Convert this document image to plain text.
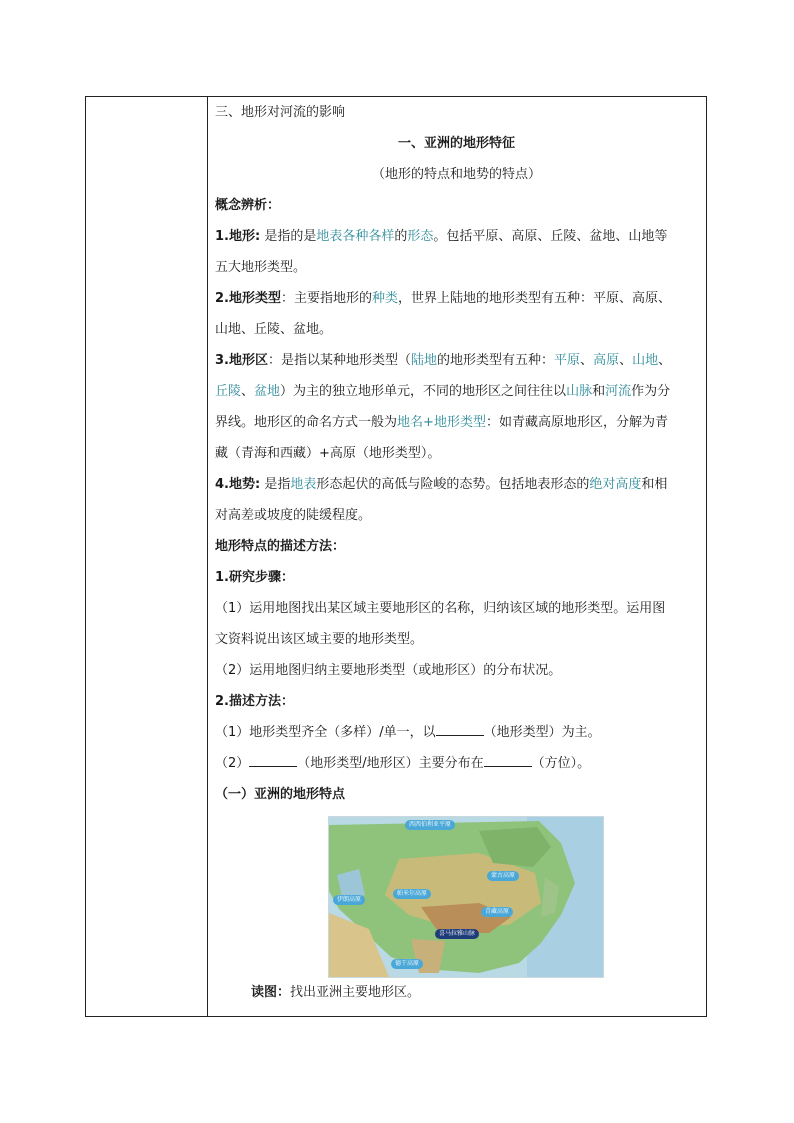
三、地形对河流的影响
一、亚洲的地形特征
（地形的特点和地势的特点）
概念辨析：
1.地形: 是指的是地表各种各样的形态。包括平原、高原、丘陵、盆地、山地等
五大地形类型。
2.地形类型：主要指地形的种类，世界上陆地的地形类型有五种：平原、高原、
山地、丘陵、盆地。
3.地形区：是指以某种地形类型（陆地的地形类型有五种：平原、高原、山地、
丘陵、盆地）为主的独立地形单元，不同的地形区之间往往以山脉和河流作为分
界线。地形区的命名方式一般为地名+地形类型：如青藏高原地形区，分解为青
藏（青海和西藏）+高原（地形类型）。
4.地势: 是指地表形态起伏的高低与险峻的态势。包括地表形态的绝对高度和相
对高差或坡度的陡缓程度。
地形特点的描述方法：
1.研究步骤：
（1）运用地图找出某区域主要地形区的名称，归纳该区域的地形类型。运用图
文资料说出该区域主要的地形类型。
（2）运用地图归纳主要地形类型（或地形区）的分布状况。
2.描述方法：
（1）地形类型齐全（多样）/单一，以	（地形类型）为主。
（2）	（地形类型/地形区）主要分布在	（方位）。
（一）亚洲的地形特点
西西伯利亚平原
蒙古高原
伊朗高原
帕米尔高原
青藏高原
喜马拉雅山脉
德干高原
读图：找出亚洲主要地形区。
